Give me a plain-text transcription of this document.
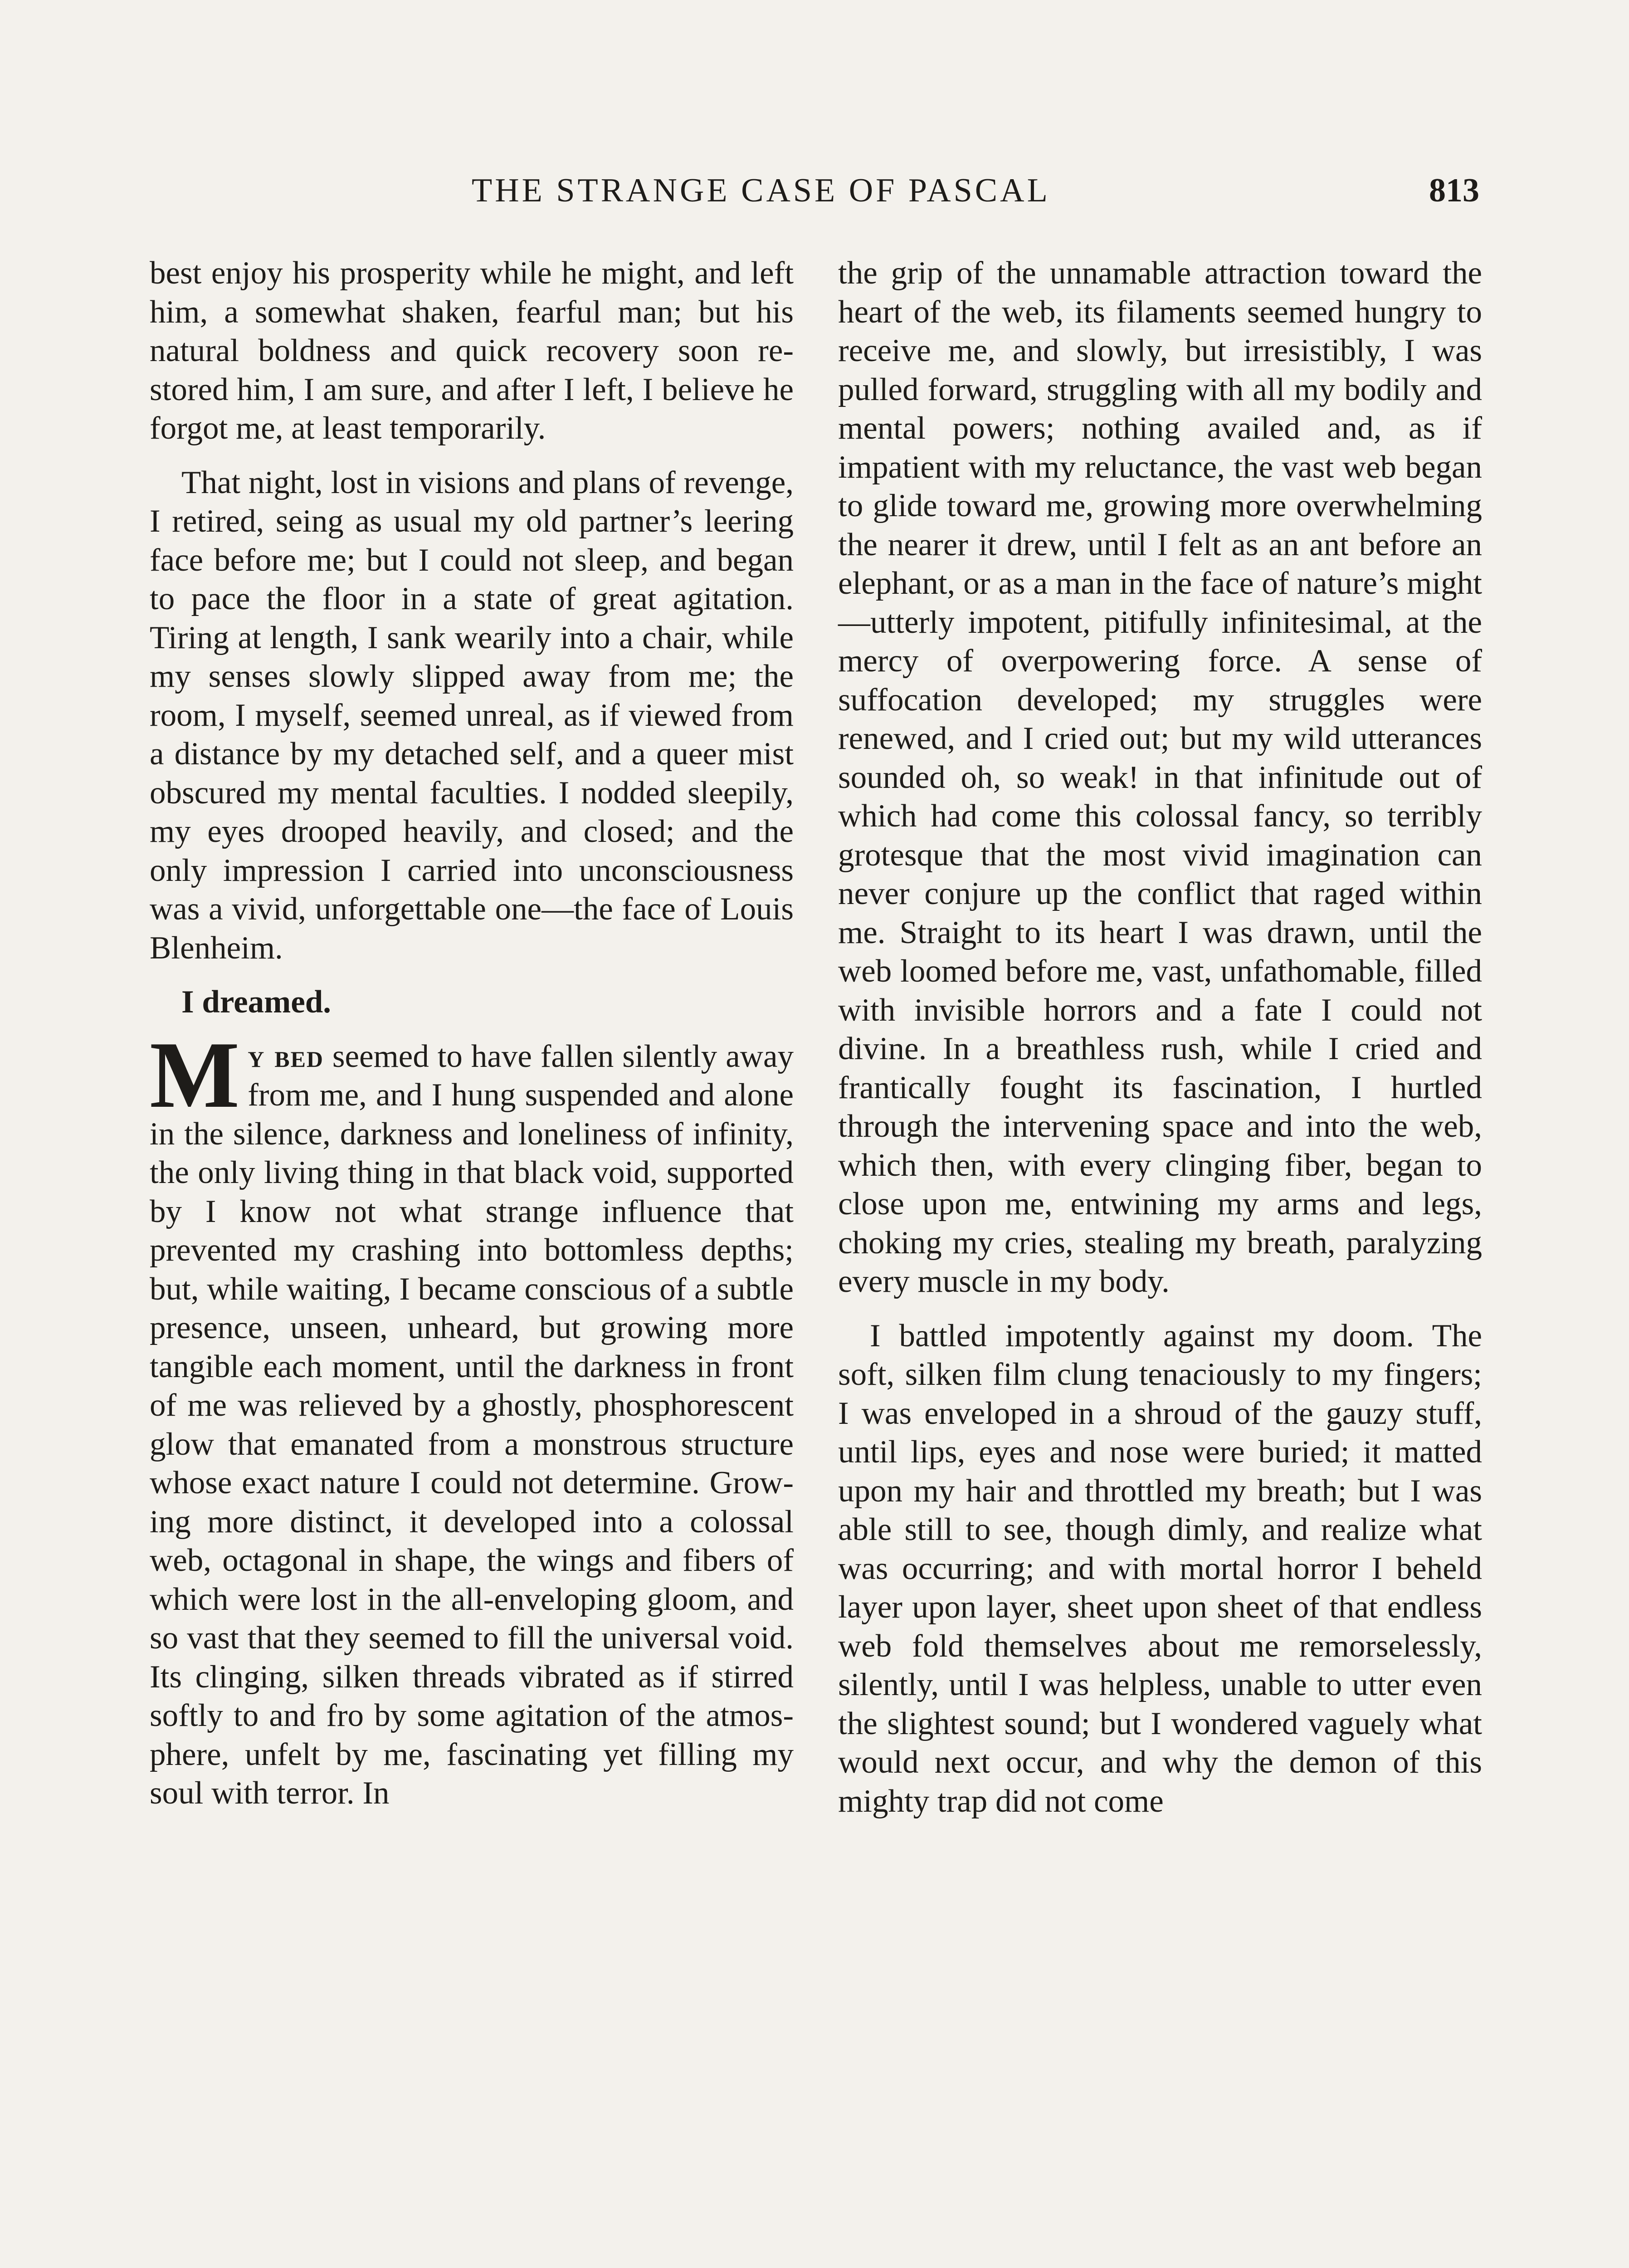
THE STRANGE CASE OF PASCAL	813

best enjoy his prosperity while he might, and left him, a somewhat shaken, fearful man; but his natural boldness and quick recovery soon restored him, I am sure, and after I left, I believe he forgot me, at least temporarily.

That night, lost in visions and plans of revenge, I retired, seing as usual my old partner’s leering face before me; but I could not sleep, and began to pace the floor in a state of great agitation. Tiring at length, I sank wearily into a chair, while my senses slowly slipped away from me; the room, I myself, seemed unreal, as if viewed from a distance by my detached self, and a queer mist obscured my mental faculties. I nodded sleepily, my eyes drooped heavily, and closed; and the only impression I carried into unconsciousness was a vivid, unforgettable one—the face of Louis Blenheim.

I dreamed.

My bed seemed to have fallen silently away from me, and I hung suspended and alone in the silence, darkness and loneliness of infinity, the only living thing in that black void, supported by I know not what strange influence that prevented my crashing into bottomless depths; but, while waiting, I became conscious of a subtle presence, unseen, unheard, but growing more tangible each moment, until the darkness in front of me was relieved by a ghostly, phosphorescent glow that emanated from a monstrous structure whose exact nature I could not determine. Growing more distinct, it developed into a colossal web, octagonal in shape, the wings and fibers of which were lost in the all-enveloping gloom, and so vast that they seemed to fill the universal void. Its clinging, silken threads vibrated as if stirred softly to and fro by some agitation of the atmosphere, unfelt by me, fascinating yet filling my soul with terror. In

the grip of the unnamable attraction toward the heart of the web, its filaments seemed hungry to receive me, and slowly, but irresistibly, I was pulled forward, struggling with all my bodily and mental powers; nothing availed and, as if impatient with my reluctance, the vast web began to glide toward me, growing more overwhelming the nearer it drew, until I felt as an ant before an elephant, or as a man in the face of nature’s might —utterly impotent, pitifully infinitesimal, at the mercy of overpowering force. A sense of suffocation developed; my struggles were renewed, and I cried out; but my wild utterances sounded oh, so weak! in that infinitude out of which had come this colossal fancy, so terribly grotesque that the most vivid imagination can never conjure up the conflict that raged within me. Straight to its heart I was drawn, until the web loomed before me, vast, unfathomable, filled with invisible horrors and a fate I could not divine. In a breathless rush, while I cried and frantically fought its fascination, I hurtled through the intervening space and into the web, which then, with every clinging fiber, began to close upon me, entwining my arms and legs, choking my cries, stealing my breath, paralyzing every muscle in my body.

I battled impotently against my doom. The soft, silken film clung tenaciously to my fingers; I was enveloped in a shroud of the gauzy stuff, until lips, eyes and nose were buried; it matted upon my hair and throttled my breath; but I was able still to see, though dimly, and realize what was occurring; and with mortal horror I beheld layer upon layer, sheet upon sheet of that endless web fold themselves about me remorselessly, silently, until I was helpless, unable to utter even the slightest sound; but I wondered vaguely what would next occur, and why the demon of this mighty trap did not come
